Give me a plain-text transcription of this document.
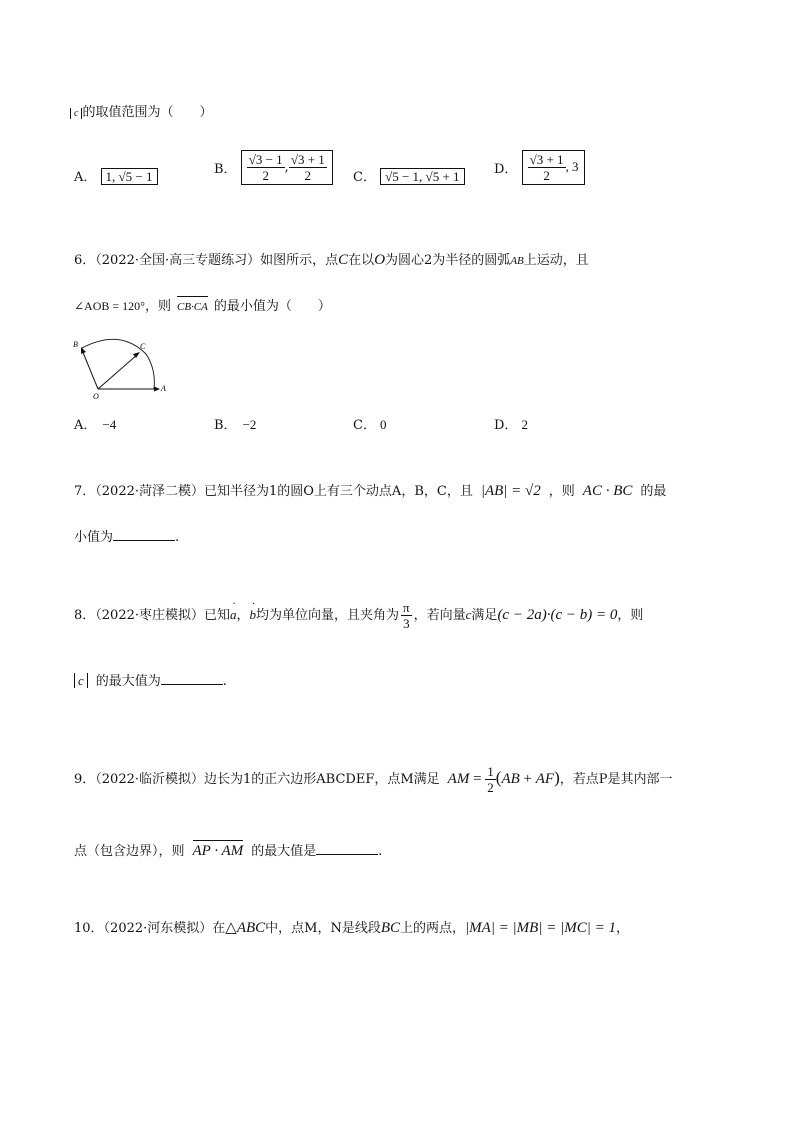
c 的取值范围为（　　）
A． 1, √5 − 1	B． $\frac{√3 - 1}{2}$ , $\frac{√3 + 1}{2}$ C． √5 − 1, √5 + 1	D． $\frac{√3 + 1}{2}$ , 3
6．（2022·全国·高三专题练习）如图所示，点C在以O为圆心2为半径的圆弧AB上运动，且
∠AOB = 120°，则 CB·CA 的最小值为（　　）
B	C
O
A
A． −4	B． −2	C． 0	D． 2
7．（2022·菏泽二模）已知半径为1的圆O上有三个动点A，B，C，且 |AB| = √2 ，则 AC · BC 的最
小值为	.
8．（2022·枣庄模拟）已知a ·，b ·均为单位向量，且夹角为 $\frac{\pi}{3}$ ，若向量c满足(c − 2a)·(c − b) = 0，则
c 的最大值为	.
9．（2022·临沂模拟）边长为1的正六边形ABCDEF，点M满足 AM = $\frac{1}{2} (AB + AF)$，若点P是其内部一
点（包含边界），则 AP · AM 的最大值是	.
10．（2022·河东模拟）在△ABC中，点M，N是线段BC上的两点，|MA| = |MB| = |MC| = 1，
